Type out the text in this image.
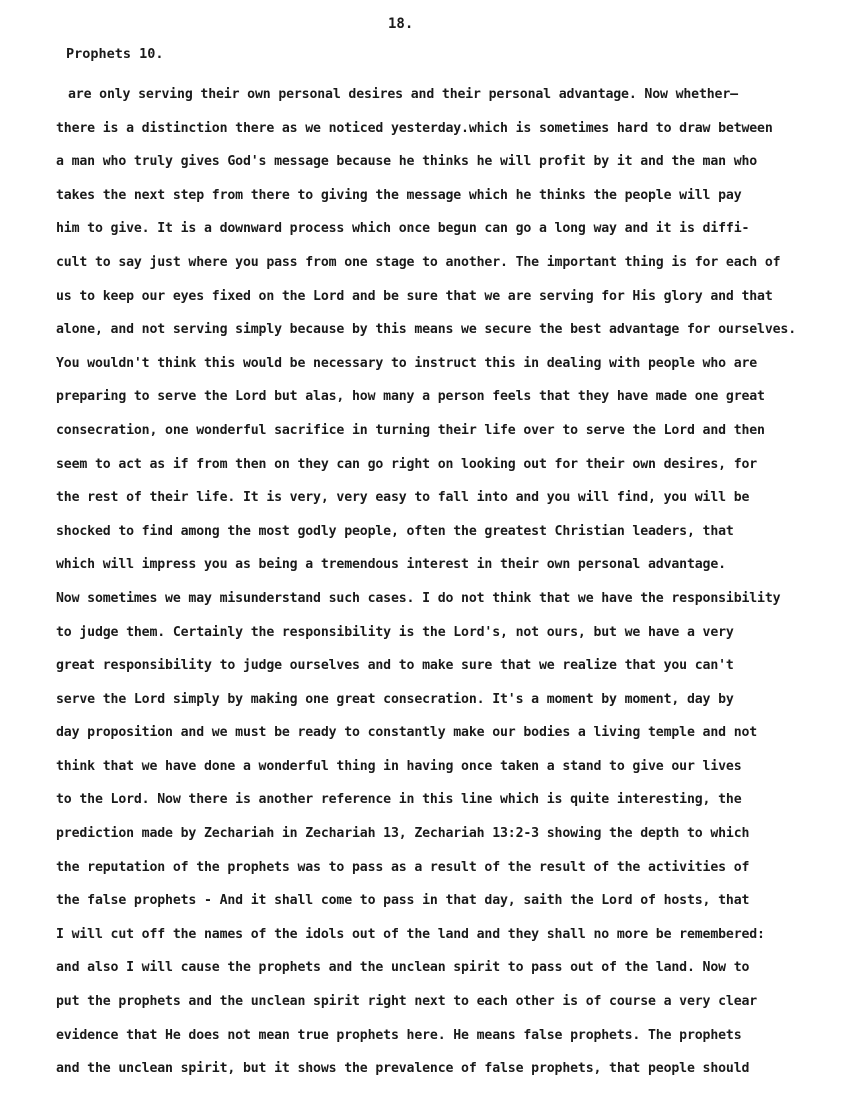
18.
Prophets 10.
are only serving their own personal desires and their personal advantage. Now whether—
there is a distinction there as we noticed yesterday.which is sometimes hard to draw between
a man who truly gives God's message because he thinks he will profit by it and the man who
takes the next step from there to giving the message which he thinks the people will pay
him to give. It is a downward process which once begun can go a long way and it is diffi-
cult to say just where you pass from one stage to another. The important thing is for each of
us to keep our eyes fixed on the Lord and be sure that we are serving for His glory and that
alone, and not serving simply because by this means we secure the best advantage for ourselves.
You wouldn't think this would be necessary to instruct this in dealing with people who are
preparing to serve the Lord but alas, how many a person feels that they have made one great
consecration, one wonderful sacrifice in turning their life over to serve the Lord and then
seem to act as if from then on they can go right on looking out for their own desires, for
the rest of their life. It is very, very easy to fall into and you will find, you will be
shocked to find among the most godly people, often the greatest Christian leaders, that
which will impress you as being a tremendous interest in their own personal advantage.
Now sometimes we may misunderstand such cases. I do not think that we have the responsibility
to judge them. Certainly the responsibility is the Lord's, not ours, but we have a very
great responsibility to judge ourselves and to make sure that we realize that you can't
serve the Lord simply by making one great consecration. It's a moment by moment, day by
day proposition and we must be ready to constantly make our bodies a living temple and not
think that we have done a wonderful thing in having once taken a stand to give our lives
to the Lord. Now there is another reference in this line which is quite interesting, the
prediction made by Zechariah in Zechariah 13, Zechariah 13:2-3 showing the depth to which
the reputation of the prophets was to pass as a result of the result of the activities of
the false prophets - And it shall come to pass in that day, saith the Lord of hosts, that
I will cut off the names of the idols out of the land and they shall no more be remembered:
and also I will cause the prophets and the unclean spirit to pass out of the land. Now to
put the prophets and the unclean spirit right next to each other is of course a very clear
evidence that He does not mean true prophets here. He means false prophets. The prophets
and the unclean spirit, but it shows the prevalence of false prophets, that people should
